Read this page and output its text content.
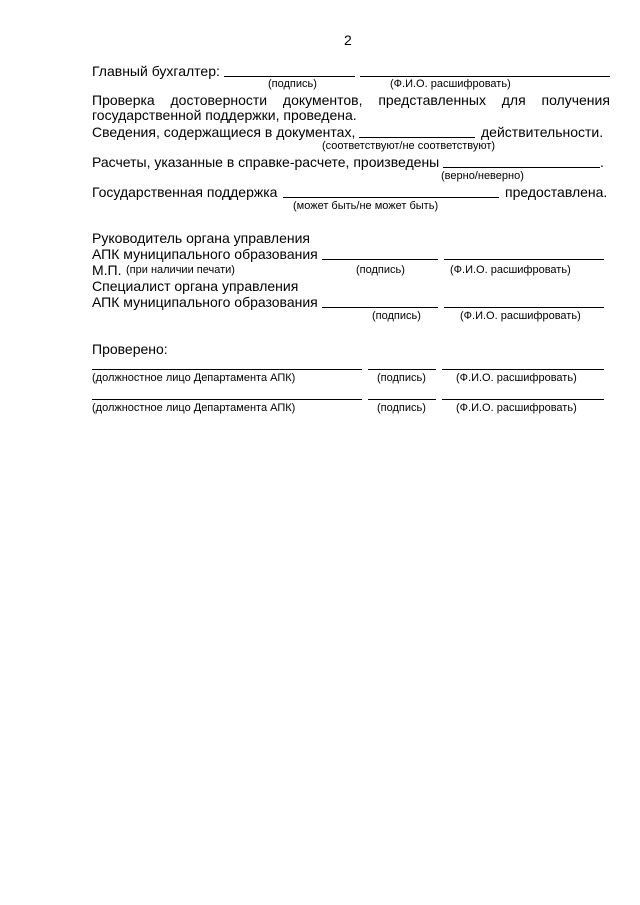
2
Главный бухгалтер:
(подпись)	(Ф.И.О. расшифровать)
Проверка достоверности документов, представленных для получения
государственной поддержки, проведена.
Сведения, содержащиеся в документах,	действительности.
(соответствуют/не соответствуют)
Расчеты, указанные в справке-расчете, произведены	.
(верно/неверно)
Государственная поддержка	предоставлена.
(может быть/не может быть)
Руководитель органа управления
АПК муниципального образования
М.П. (при наличии печати)	(подпись)	(Ф.И.О. расшифровать)
Специалист органа управления
АПК муниципального образования
(подпись)	(Ф.И.О. расшифровать)
Проверено:
(должностное лицо Департамента АПК)	(подпись)	(Ф.И.О. расшифровать)
(должностное лицо Департамента АПК)	(подпись)	(Ф.И.О. расшифровать)
